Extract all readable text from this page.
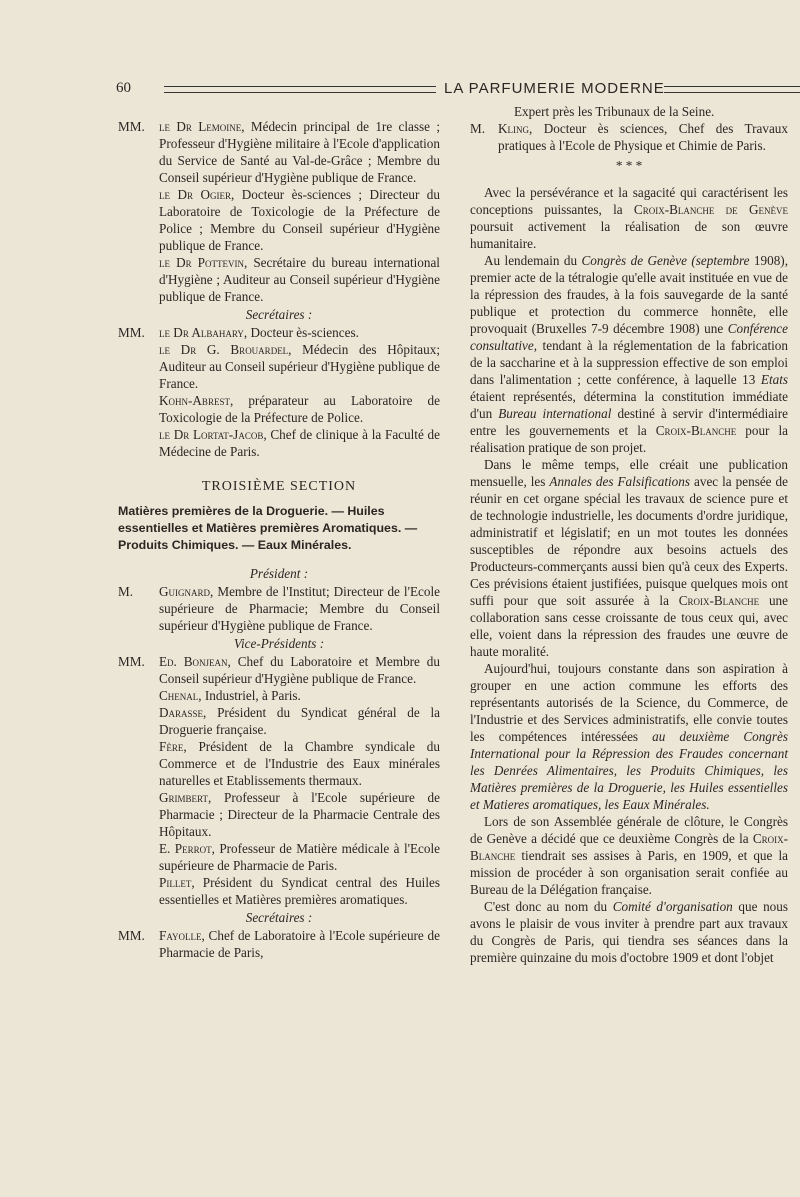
60	LA PARFUMERIE MODERNE
MM.	le Dr Lemoine, Médecin principal de 1re classe ; Professeur d'Hygiène militaire à l'Ecole d'application du Service de Santé au Val-de-Grâce ; Membre du Conseil supérieur d'Hygiène publique de France.
le Dr Ogier, Docteur ès-sciences ; Directeur du Laboratoire de Toxicologie de la Préfecture de Police ; Membre du Conseil supérieur d'Hygiène publique de France.
le Dr Pottevin, Secrétaire du bureau international d'Hygiène ; Auditeur au Conseil supérieur d'Hygiène publique de France.
Secrétaires :
MM.	le Dr Albahary, Docteur ès-sciences.
le Dr G. Brouardel, Médecin des Hôpitaux; Auditeur au Conseil supérieur d'Hygiène publique de France.
Kohn-Abrest, préparateur au Laboratoire de Toxicologie de la Préfecture de Police.
le Dr Lortat-Jacob, Chef de clinique à la Faculté de Médecine de Paris.
TROISIÈME SECTION
Matières premières de la Droguerie. — Huiles essentielles et Matières premières Aromatiques. — Produits Chimiques. — Eaux Minérales.
Président :
M.	Guignard, Membre de l'Institut; Directeur de l'Ecole supérieure de Pharmacie; Membre du Conseil supérieur d'Hygiène publique de France.
Vice-Présidents :
MM.	Ed. Bonjean, Chef du Laboratoire et Membre du Conseil supérieur d'Hygiène publique de France.
Chenal, Industriel, à Paris.
Darasse, Président du Syndicat général de la Droguerie française.
Fère, Président de la Chambre syndicale du Commerce et de l'Industrie des Eaux minérales naturelles et Etablissements thermaux.
Grimbert, Professeur à l'Ecole supérieure de Pharmacie ; Directeur de la Pharmacie Centrale des Hôpitaux.
E. Perrot, Professeur de Matière médicale à l'Ecole supérieure de Pharmacie de Paris.
Pillet, Président du Syndicat central des Huiles essentielles et Matières premières aromatiques.
Secrétaires :
MM.	Fayolle, Chef de Laboratoire à l'Ecole supérieure de Pharmacie de Paris,
Expert près les Tribunaux de la Seine.
M. Kling, Docteur ès sciences, Chef des Travaux pratiques à l'Ecole de Physique et Chimie de Paris.
* * *

Avec la persévérance et la sagacité qui caractérisent les conceptions puissantes, la Croix-Blanche de Genève poursuit activement la réalisation de son œuvre humanitaire.

Au lendemain du Congrès de Genève (septembre 1908), premier acte de la tétralogie qu'elle avait instituée en vue de la répression des fraudes, à la fois sauvegarde de la santé publique et protection du commerce honnête, elle provoquait (Bruxelles 7-9 décembre 1908) une Conférence consultative, tendant à la réglementation de la fabrication de la saccharine et à la suppression effective de son emploi dans l'alimentation ; cette conférence, à laquelle 13 Etats étaient représentés, détermina la constitution immédiate d'un Bureau international destiné à servir d'intermédiaire entre les gouvernements et la Croix-Blanche pour la réalisation pratique de son projet.

Dans le même temps, elle créait une publication mensuelle, les Annales des Falsifications avec la pensée de réunir en cet organe spécial les travaux de science pure et de technologie industrielle, les documents d'ordre juridique, administratif et législatif; en un mot toutes les données susceptibles de répondre aux besoins actuels des Producteurs-commerçants aussi bien qu'à ceux des Experts. Ces prévisions étaient justifiées, puisque quelques mois ont suffi pour que soit assurée à la Croix-Blanche une collaboration sans cesse croissante de tous ceux qui, avec elle, voient dans la répression des fraudes une œuvre de haute moralité.

Aujourd'hui, toujours constante dans son aspiration à grouper en une action commune les efforts des représentants autorisés de la Science, du Commerce, de l'Industrie et des Services administratifs, elle convie toutes les compétences intéressées au deuxième Congrès International pour la Répression des Fraudes concernant les Denrées Alimentaires, les Produits Chimiques, les Matières premières de la Droguerie, les Huiles essentielles et Matieres aromatiques, les Eaux Minérales.

Lors de son Assemblée générale de clôture, le Congrès de Genève a décidé que ce deuxième Congrès de la Croix-Blanche tiendrait ses assises à Paris, en 1909, et que la mission de procéder à son organisation serait confiée au Bureau de la Délégation française.

C'est donc au nom du Comité d'organisation que nous avons le plaisir de vous inviter à prendre part aux travaux du Congrès de Paris, qui tiendra ses séances dans la première quinzaine du mois d'octobre 1909 et dont l'objet
